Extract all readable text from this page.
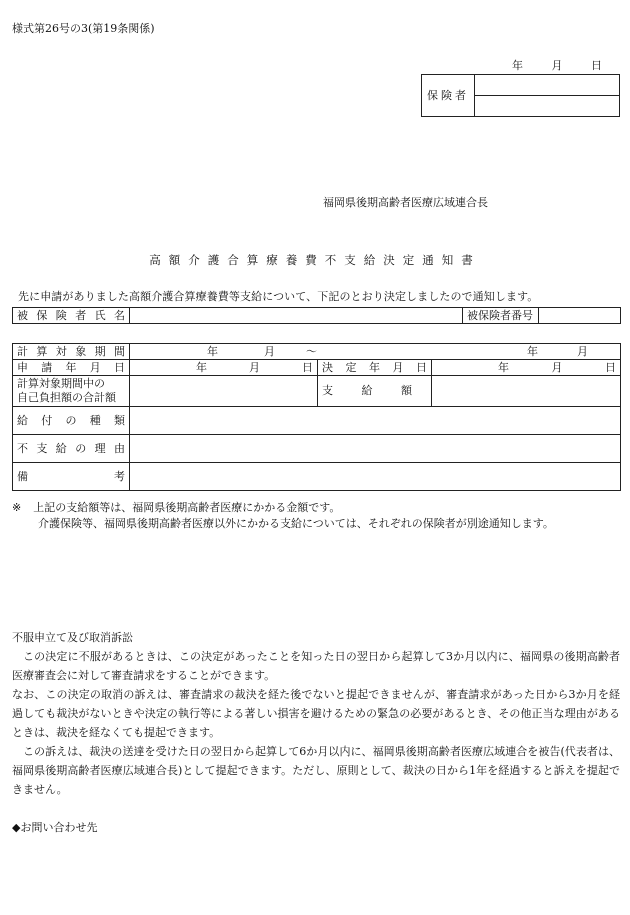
様式第26号の3(第19条関係)
年	月	日
保険者	

福岡県後期高齢者医療広域連合長
高額介護合算療養費不支給決定通知書
先に申請がありました高額介護合算療養費等支給について、下記のとおり決定しましたので通知します。
被保険者氏名		被保険者番号	
計算対象期間	年 月 〜 年 月		

申請年月日	年 月 日	決定年月日	年 月 日

計算対象期間中の
自己負担額の合計額		支給額	

給付の種類			

不支給の理由			

備考			

※ 上記の支給額等は、福岡県後期高齢者医療にかかる金額です。

介護保険等、福岡県後期高齢者医療以外にかかる支給については、それぞれの保険者が別途通知します。

不服申立て及び取消訴訟

この決定に不服があるときは、この決定があったことを知った日の翌日から起算して3か月以内に、福岡県の後期高齢者医療審査会に対して審査請求をすることができます。

なお、この決定の取消の訴えは、審査請求の裁決を経た後でないと提起できませんが、審査請求があった日から3か月を経過しても裁決がないときや決定の執行等による著しい損害を避けるための緊急の必要があるとき、その他正当な理由があるときは、裁決を経なくても提起できます。

この訴えは、裁決の送達を受けた日の翌日から起算して6か月以内に、福岡県後期高齢者医療広域連合を被告(代表者は、福岡県後期高齢者医療広域連合長)として提起できます。ただし、原則として、裁決の日から1年を経過すると訴えを提起できません。

◆お問い合わせ先
